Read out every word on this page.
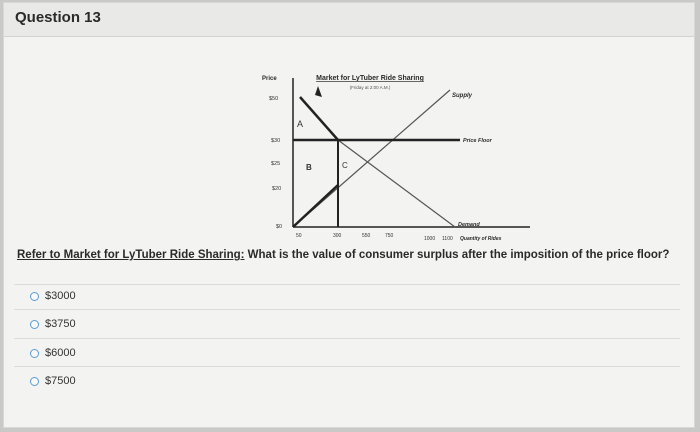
Question 13
Market for LyTuber Ride Sharing
(Friday at 2:00 A.M.)
Price
Quantity of Rides
$50
$30
$25
$20
$0
50	300	550	750	1000 1100
Supply
Demand
Price Floor
A
B	C
Refer to Market for LyTuber Ride Sharing: What is the value of consumer surplus after the imposition of the price floor?
$3000
$3750
$6000
$7500
